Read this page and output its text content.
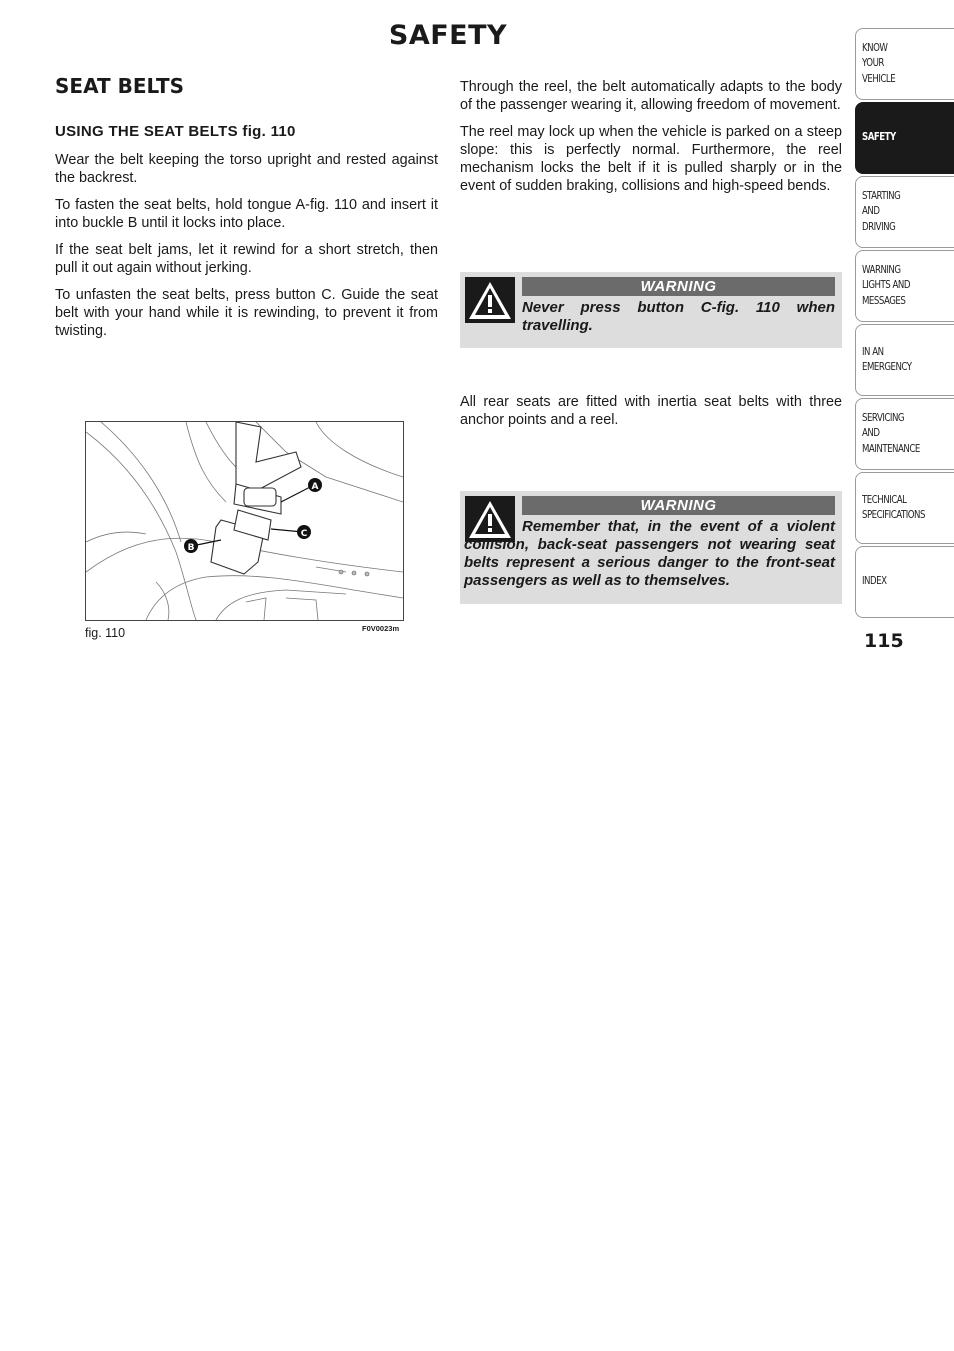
SAFETY
SEAT BELTS
USING THE SEAT BELTS fig. 110

Wear the belt keeping the torso upright and rested against the backrest.

To fasten the seat belts, hold tongue A-fig. 110 and insert it into buckle B until it locks into place.

If the seat belt jams, let it rewind for a short stretch, then pull it out again without jerking.

To unfasten the seat belts, press button C. Guide the seat belt with your hand while it is rewinding, to prevent it from twisting.

A
C
B
fig. 110	F0V0023m

Through the reel, the belt automatically adapts to the body of the passenger wearing it, allowing freedom of movement.

The reel may lock up when the vehicle is parked on a steep slope: this is perfectly normal. Furthermore, the reel mechanism locks the belt if it is pulled sharply or in the event of sudden braking, collisions and high-speed bends.

WARNING
Never press button C-fig. 110 when travelling.

All rear seats are fitted with inertia seat belts with three anchor points and a reel.

WARNING
Remember that, in the event of a violent collision, back-seat passengers not wearing seat belts represent a serious danger to the front-seat passengers as well as to themselves.
KNOW
YOUR
VEHICLE
SAFETY
STARTING
AND
DRIVING
WARNING
LIGHTS AND
MESSAGES
IN AN
EMERGENCY
SERVICING
AND
MAINTENANCE
TECHNICAL
SPECIFICATIONS
INDEX
115
